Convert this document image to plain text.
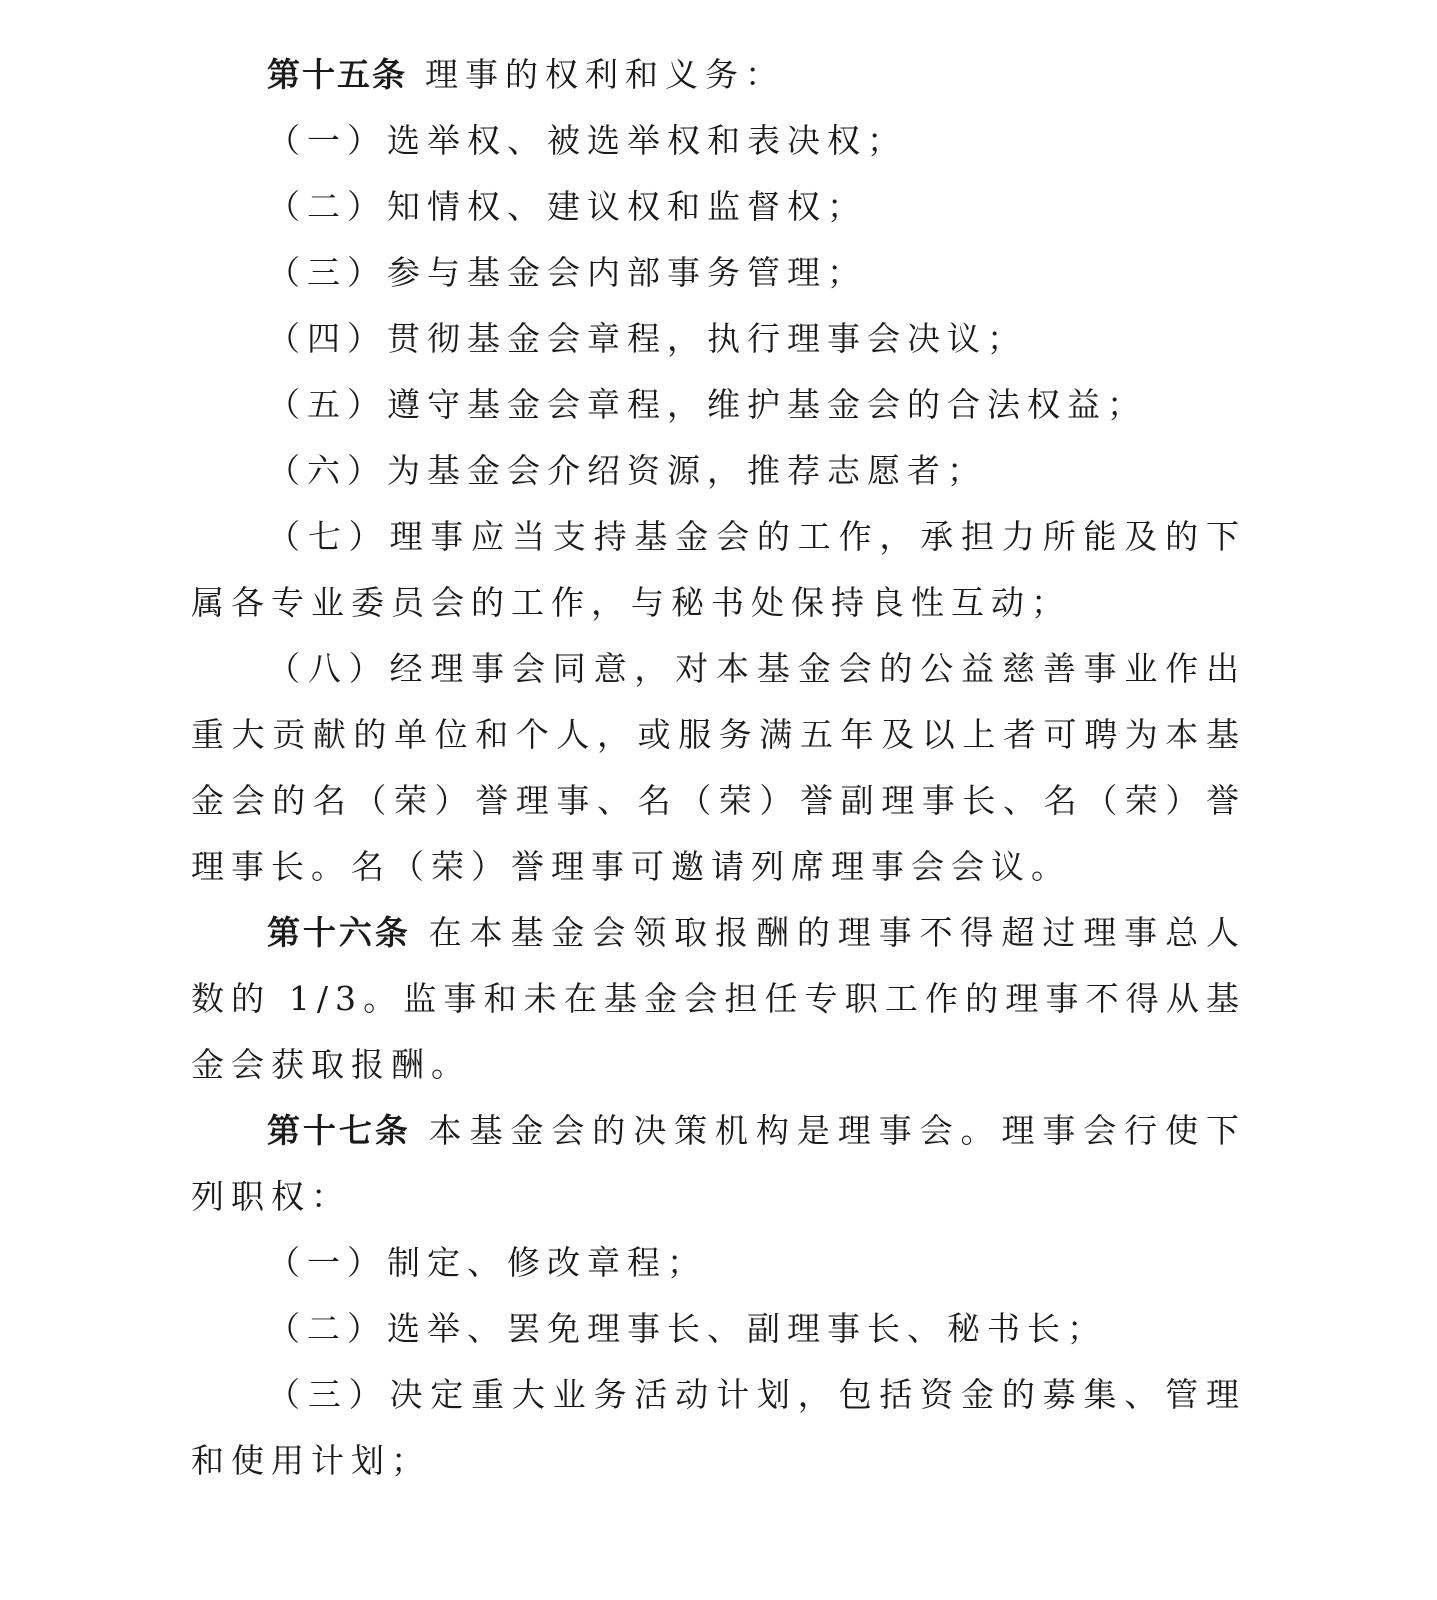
第十五条 理事的权利和义务：

（一）选举权、被选举权和表决权；

（二）知情权、建议权和监督权；

（三）参与基金会内部事务管理；

（四）贯彻基金会章程，执行理事会决议；

（五）遵守基金会章程，维护基金会的合法权益；

（六）为基金会介绍资源，推荐志愿者；

（七）理事应当支持基金会的工作，承担力所能及的下属各专业委员会的工作，与秘书处保持良性互动；

（八）经理事会同意，对本基金会的公益慈善事业作出重大贡献的单位和个人，或服务满五年及以上者可聘为本基金会的名（荣）誉理事、名（荣）誉副理事长、名（荣）誉理事长。名（荣）誉理事可邀请列席理事会会议。

第十六条 在本基金会领取报酬的理事不得超过理事总人数的 1/3。监事和未在基金会担任专职工作的理事不得从基金会获取报酬。

第十七条 本基金会的决策机构是理事会。理事会行使下列职权：

（一）制定、修改章程；

（二）选举、罢免理事长、副理事长、秘书长；

（三）决定重大业务活动计划，包括资金的募集、管理和使用计划；
